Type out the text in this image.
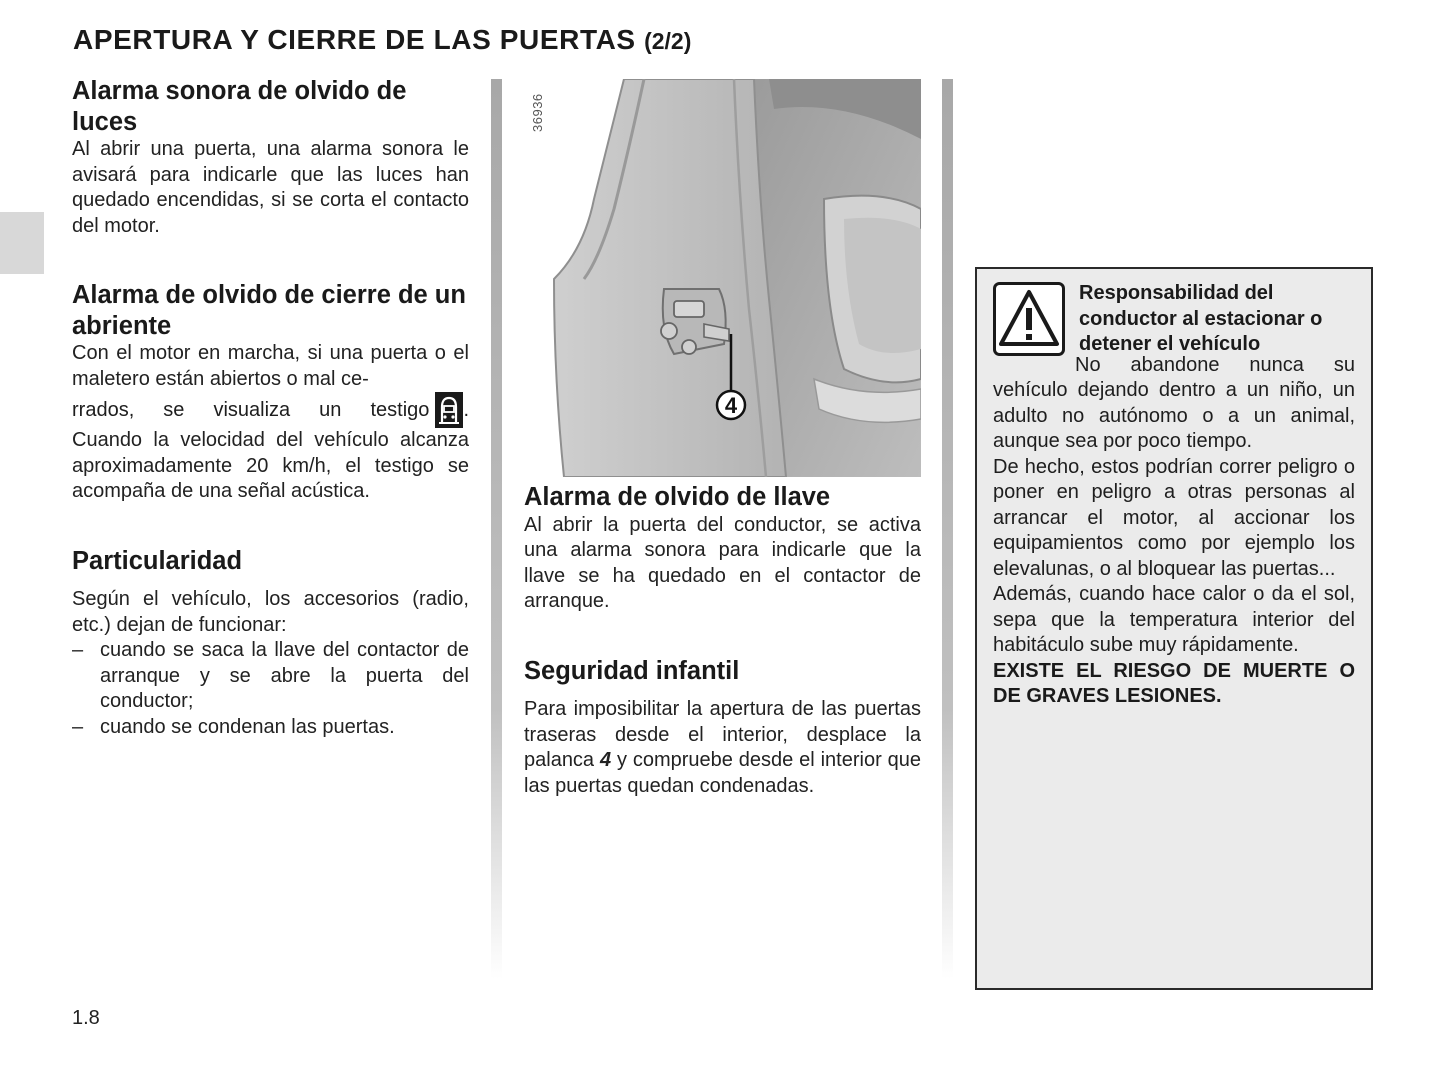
APERTURA Y CIERRE DE LAS PUERTAS (2/2)
Alarma sonora de olvido de luces

Al abrir una puerta, una alarma sonora le avisará para indicarle que las luces han quedado encendidas, si se corta el contacto del motor.

Alarma de olvido de cierre de un abriente

Con el motor en marcha, si una puerta o el maletero están abiertos o mal ce-

rrados, se visualiza un testigo .

Cuando la velocidad del vehículo alcanza aproximadamente 20 km/h, el testigo se acompaña de una señal acústica.

Particularidad

Según el vehículo, los accesorios (radio, etc.) dejan de funcionar:

– cuando se saca la llave del contactor de arranque y se abre la puerta del conductor;
– cuando se condenan las puertas.
4
36936
Alarma de olvido de llave

Al abrir la puerta del conductor, se activa una alarma sonora para indicarle que la llave se ha quedado en el contactor de arranque.

Seguridad infantil

Para imposibilitar la apertura de las puertas traseras desde el interior, desplace la palanca 4 y compruebe desde el interior que las puertas quedan condenadas.

Responsabilidad del conductor al estacionar o detener el vehículo

No abandone nunca su vehículo dejando dentro a un niño, un adulto no autónomo o a un animal, aunque sea por poco tiempo.

De hecho, estos podrían correr peligro o poner en peligro a otras personas al arrancar el motor, al accionar los equipamientos como por ejemplo los elevalunas, o al bloquear las puertas...

Además, cuando hace calor o da el sol, sepa que la temperatura interior del habitáculo sube muy rápidamente.

EXISTE EL RIESGO DE MUERTE O DE GRAVES LESIONES.

1.8
